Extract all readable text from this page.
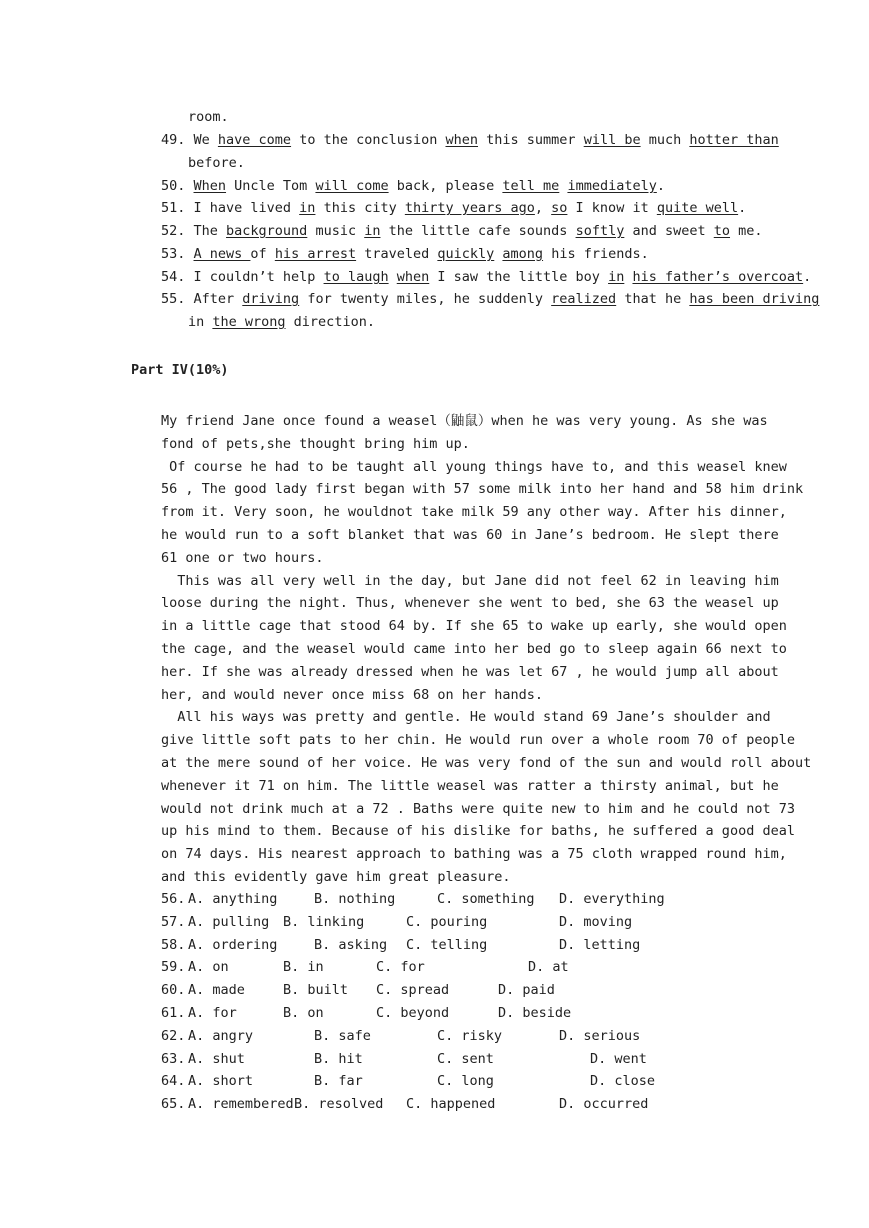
room.
49. We have come to the conclusion when this summer will be much hotter than
before.
50. When Uncle Tom will come back, please tell me immediately.
51. I have lived in this city thirty years ago, so I know it quite well.
52. The background music in the little cafe sounds softly and sweet to me.
53. A news of his arrest traveled quickly among his friends.
54. I couldn’t help to laugh when I saw the little boy in his father’s overcoat.
55. After driving for twenty miles, he suddenly realized that he has been driving
in the wrong direction.
Part IV(10%)
My friend Jane once found a weasel（鼬鼠）when he was very young. As she was
fond of pets,she thought bring him up.
Of course he had to be taught all young things have to, and this weasel knew
56 , The good lady first began with 57 some milk into her hand and 58 him drink
from it. Very soon, he wouldnot take milk 59 any other way. After his dinner,
he would run to a soft blanket that was 60 in Jane’s bedroom. He slept there
61 one or two hours.
This was all very well in the day, but Jane did not feel 62 in leaving him
loose during the night. Thus, whenever she went to bed, she 63 the weasel up
in a little cage that stood 64 by. If she 65 to wake up early, she would open
the cage, and the weasel would came into her bed go to sleep again 66 next to
her. If she was already dressed when he was let 67 , he would jump all about
her, and would never once miss 68 on her hands.
All his ways was pretty and gentle. He would stand 69 Jane’s shoulder and
give little soft pats to her chin. He would run over a whole room 70 of people
at the mere sound of her voice. He was very fond of the sun and would roll about
whenever it 71 on him. The little weasel was ratter a thirsty animal, but he
would not drink much at a 72 . Baths were quite new to him and he could not 73
up his mind to them. Because of his dislike for baths, he suffered a good deal
on 74 days. His nearest approach to bathing was a 75 cloth wrapped round him,
and this evidently gave him great pleasure.
56. A. anything	B. nothing	C. something D. everything
57. A. pulling B. linking	C. pouring	D. moving
58. A. ordering	B. asking C. telling	D. letting
59. A. on	B. in	C. for	D. at
60. A. made	B. built C. spread	D. paid
61. A. for	B. on	C. beyond	D. beside
62. A. angry	B. safe	C. risky	D. serious
63. A. shut	B. hit	C. sent	D. went
64. A. short	B. far	C. long	D. close
65. A. remembered B. resolved C. happened	D. occurred
